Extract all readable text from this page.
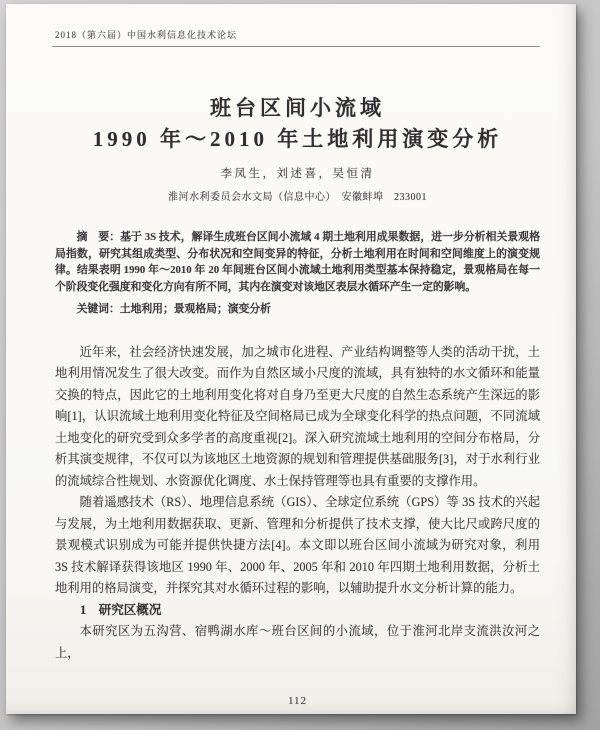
2018（第六届）中国水利信息化技术论坛
班台区间小流域
1990 年～2010 年土地利用演变分析
李凤生，刘述喜，吴恒清
淮河水利委员会水文局（信息中心）　安徽蚌埠　233001

摘　要：基于 3S 技术，解译生成班台区间小流域 4 期土地利用成果数据，进一步分析相关景观格局指数，研究其组成类型、分布状况和空间变异的特征，分析土地利用在时间和空间维度上的演变规律。结果表明 1990 年～2010 年 20 年间班台区间小流域土地利用类型基本保持稳定，景观格局在每一个阶段变化强度和变化方向有所不同，其内在演变对该地区表层水循环产生一定的影响。

关键词：土地利用；景观格局；演变分析

近年来，社会经济快速发展，加之城市化进程、产业结构调整等人类的活动干扰，土地利用情况发生了很大改变。而作为自然区域小尺度的流域，具有独特的水文循环和能量交换的特点，因此它的土地利用变化将对自身乃至更大尺度的自然生态系统产生深远的影响[1]，认识流域土地利用变化特征及空间格局已成为全球变化科学的热点问题，不同流域土地变化的研究受到众多学者的高度重视[2]。深入研究流域土地利用的空间分布格局，分析其演变规律，不仅可以为该地区土地资源的规划和管理提供基础服务[3]，对于水利行业的流域综合性规划、水资源优化调度、水土保持管理等也具有重要的支撑作用。

随着遥感技术（RS）、地理信息系统（GIS）、全球定位系统（GPS）等 3S 技术的兴起与发展，为土地利用数据获取、更新、管理和分析提供了技术支撑，使大比尺或跨尺度的景观模式识别成为可能并提供快捷方法[4]。本文即以班台区间小流域为研究对象，利用 3S 技术解译获得该地区 1990 年、2000 年、2005 年和 2010 年四期土地利用数据，分析土地利用的格局演变，并探究其对水循环过程的影响，以辅助提升水文分析计算的能力。

1　研究区概况

本研究区为五沟营、宿鸭湖水库～班台区间的小流域，位于淮河北岸支流洪汝河之上，

112
